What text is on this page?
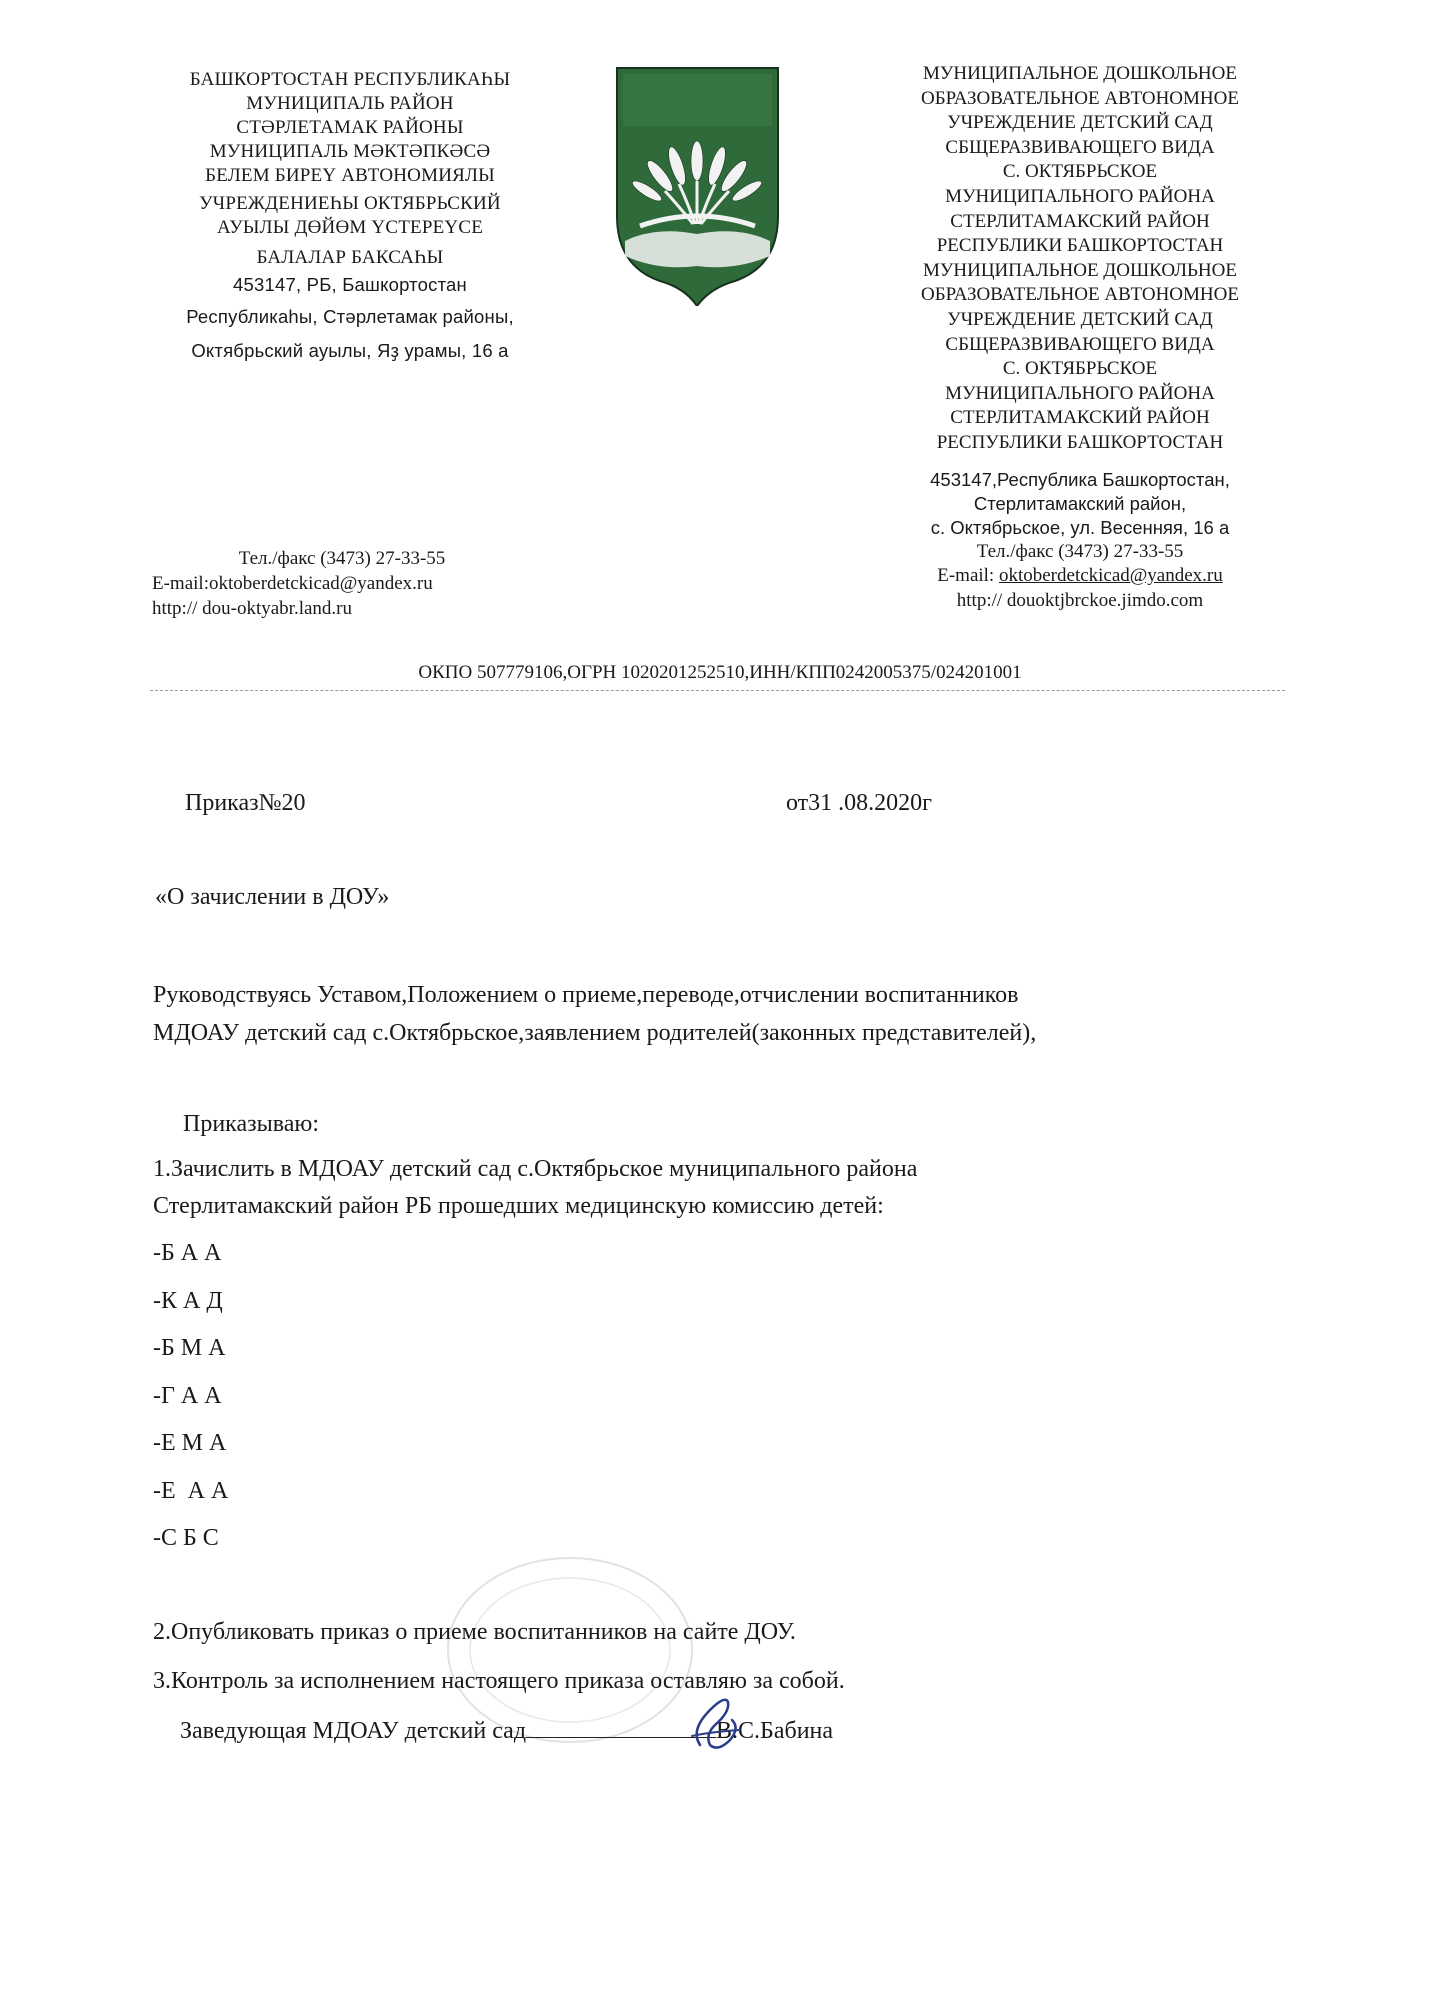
БАШКОРТОСТАН РЕСПУБЛИКАҺЫ
МУНИЦИПАЛЬ РАЙОН
СТӘРЛЕТАМАК РАЙОНЫ
МУНИЦИПАЛЬ МӘКТӘПКӘСӘ
БЕЛЕМ БИРЕҮ АВТОНОМИЯЛЫ
УЧРЕЖДЕНИЕҺЫ ОКТЯБРЬСКИЙ
АУЫЛЫ ДӨЙӨМ ҮСТЕРЕҮСЕ
БАЛАЛАР БАКСАҺЫ
453147, РБ, Башкортостан
Республикаһы, Стәрлетамак районы,
Октябрьский ауылы, Яҙ урамы, 16 а
МУНИЦИПАЛЬНОЕ ДОШКОЛЬНОЕ
ОБРАЗОВАТЕЛЬНОЕ АВТОНОМНОЕ
УЧРЕЖДЕНИЕ ДЕТСКИЙ САД
СБЩЕРАЗВИВАЮЩЕГО ВИДА
С. ОКТЯБРЬСКОЕ
МУНИЦИПАЛЬНОГО РАЙОНА
СТЕРЛИТАМАКСКИЙ РАЙОН
РЕСПУБЛИКИ БАШКОРТОСТАН
МУНИЦИПАЛЬНОЕ ДОШКОЛЬНОЕ
ОБРАЗОВАТЕЛЬНОЕ АВТОНОМНОЕ
УЧРЕЖДЕНИЕ ДЕТСКИЙ САД
СБЩЕРАЗВИВАЮЩЕГО ВИДА
С. ОКТЯБРЬСКОЕ
МУНИЦИПАЛЬНОГО РАЙОНА
СТЕРЛИТАМАКСКИЙ РАЙОН
РЕСПУБЛИКИ БАШКОРТОСТАН
453147,Республика Башкортостан,
Стерлитамакский район,
с. Октябрьское, ул. Весенняя, 16 а
Тел./факс (3473) 27-33-55
E-mail: oktoberdetckicad@yandex.ru
http:// douoktjbrckoe.jimdo.com
Тел./факс (3473) 27-33-55
E-mail:oktoberdetckicad@yandex.ru
http:// dou-oktyabr.land.ru
ОКПО 507779106,ОГРН 1020201252510,ИНН/КПП0242005375/024201001
Приказ№20	от31 .08.2020г
«О зачислении в ДОУ»
Руководствуясь Уставом,Положением о приеме,переводе,отчислении воспитанников
МДОАУ детский сад с.Октябрьское,заявлением родителей(законных представителей),
Приказываю:
1.Зачислить в МДОАУ детский сад с.Октябрьское муниципального района
Стерлитамакский район РБ прошедших медицинскую комиссию детей:
-Б А А
-К А Д
-Б М А
-Г А А
-Е М А
-Е  А А
-С Б С
2.Опубликовать приказ о приеме воспитанников на сайте ДОУ.
3.Контроль за исполнением настоящего приказа оставляю за собой.
Заведующая МДОАУ детский сад	В.С.Бабина
